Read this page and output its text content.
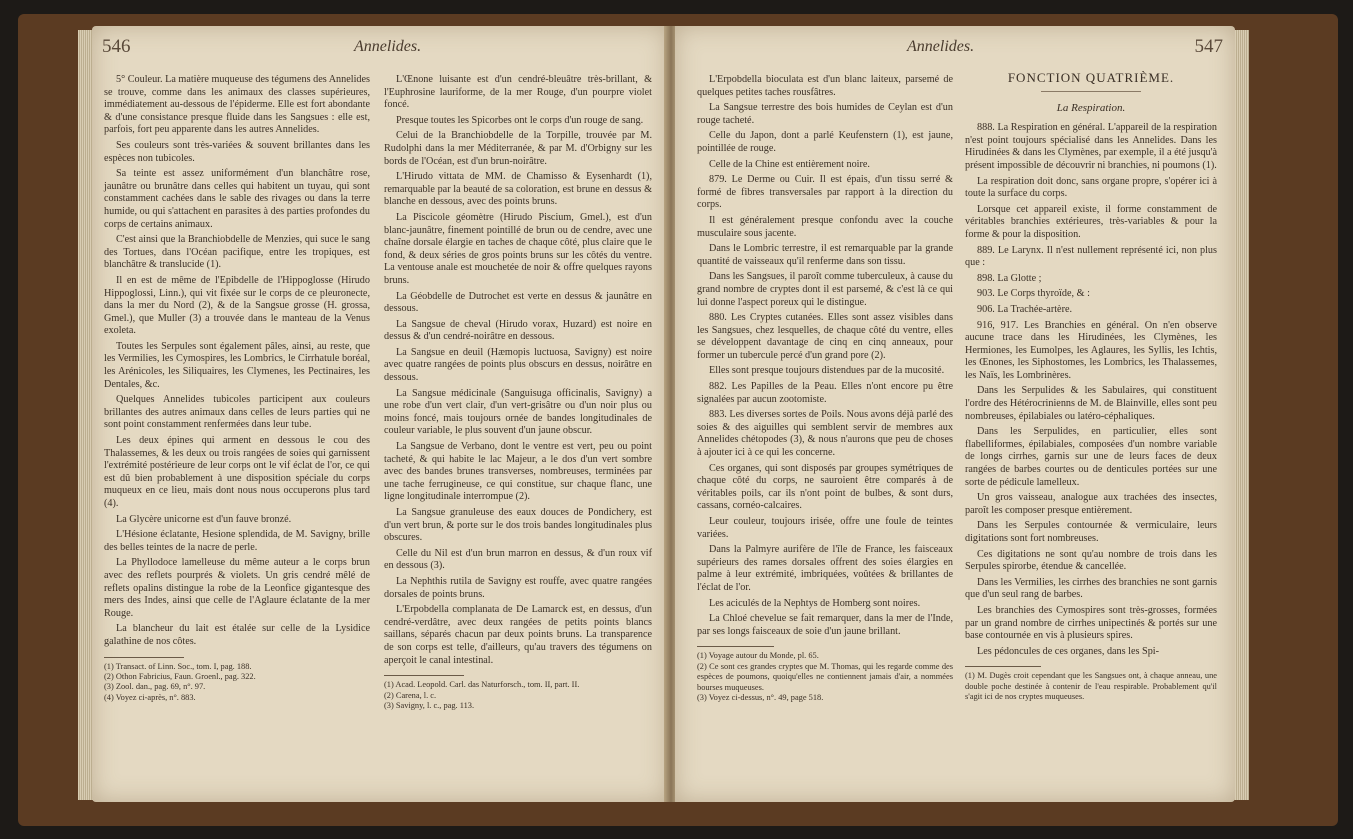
546	Annelides.

5° Couleur. La matière muqueuse des tégumens des Annelides se trouve, comme dans les animaux des classes supérieures, immédiatement au-dessous de l'épiderme. Elle est fort abondante & d'une consistance presque fluide dans les Sangsues : elle est, parfois, fort peu apparente dans les autres Annelides.

Ses couleurs sont très-variées & souvent brillantes dans les espèces non tubicoles.

Sa teinte est assez uniformément d'un blanchâtre rose, jaunâtre ou brunâtre dans celles qui habitent un tuyau, qui sont constamment cachées dans le sable des rivages ou dans la terre humide, ou qui s'attachent en parasites à des parties profondes du corps de certains animaux.

C'est ainsi que la Branchiobdelle de Menzies, qui suce le sang des Tortues, dans l'Océan pacifique, entre les tropiques, est blanchâtre & translucide (1).

Il en est de même de l'Epibdelle de l'Hippoglosse (Hirudo Hippoglossi, Linn.), qui vit fixée sur le corps de ce pleuronecte, dans la mer du Nord (2), & de la Sangsue grosse (H. grossa, Gmel.), que Muller (3) a trouvée dans le manteau de la Venus exoleta.

Toutes les Serpules sont également pâles, ainsi, au reste, que les Vermilies, les Cymospires, les Lombrics, le Cirrhatule boréal, les Arénicoles, les Siliquaires, les Clymenes, les Pectinaires, les Dentales, &c.

Quelques Annelides tubicoles participent aux couleurs brillantes des autres animaux dans celles de leurs parties qui ne sont point constamment renfermées dans leur tube.

Les deux épines qui arment en dessous le cou des Thalassemes, & les deux ou trois rangées de soies qui garnissent l'extrémité postérieure de leur corps ont le vif éclat de l'or, ce qui est dû bien probablement à une disposition spéciale du corps muqueux en ce lieu, mais dont nous nous occuperons plus tard (4).

La Glycère unicorne est d'un fauve bronzé.

L'Hésione éclatante, Hesione splendida, de M. Savigny, brille des belles teintes de la nacre de perle.

La Phyllodoce lamelleuse du même auteur a le corps brun avec des reflets pourprés & violets. Un gris cendré mêlé de reflets opalins distingue la robe de la Leonfice gigantesque des mers des Indes, ainsi que celle de l'Aglaure éclatante de la mer Rouge.

La blancheur du lait est étalée sur celle de la Lysidice galathine de nos côtes.

(1) Transact. of Linn. Soc., tom. I, pag. 188.
(2) Othon Fabricius, Faun. Groenl., pag. 322.
(3) Zool. dan., pag. 69, n°. 97.
(4) Voyez ci-après, n°. 883.

L'Œnone luisante est d'un cendré-bleuâtre très-brillant, & l'Euphrosine lauriforme, de la mer Rouge, d'un pourpre violet foncé.

Presque toutes les Spicorbes ont le corps d'un rouge de sang.

Celui de la Branchiobdelle de la Torpille, trouvée par M. Rudolphi dans la mer Méditerranée, & par M. d'Orbigny sur les bords de l'Océan, est d'un brun-noirâtre.

L'Hirudo vittata de MM. de Chamisso & Eysenhardt (1), remarquable par la beauté de sa coloration, est brune en dessus & blanche en dessous, avec des points bruns.

La Piscicole géomètre (Hirudo Piscium, Gmel.), est d'un blanc-jaunâtre, finement pointillé de brun ou de cendre, avec une chaîne dorsale élargie en taches de chaque côté, plus claire que le fond, & deux séries de gros points bruns sur les côtés du ventre. La ventouse anale est mouchetée de noir & offre quelques rayons bruns.

La Géobdelle de Dutrochet est verte en dessus & jaunâtre en dessous.

La Sangsue de cheval (Hirudo vorax, Huzard) est noire en dessus & d'un cendré-noirâtre en dessous.

La Sangsue en deuil (Hæmopis luctuosa, Savigny) est noire avec quatre rangées de points plus obscurs en dessus, noirâtre en dessous.

La Sangsue médicinale (Sanguisuga officinalis, Savigny) a une robe d'un vert clair, d'un vert-grisâtre ou d'un noir plus ou moins foncé, mais toujours ornée de bandes longitudinales de couleur variable, le plus souvent d'un jaune obscur.

La Sangsue de Verbano, dont le ventre est vert, peu ou point tacheté, & qui habite le lac Majeur, a le dos d'un vert sombre avec des bandes brunes transverses, nombreuses, terminées par une tache ferrugineuse, ce qui constitue, sur chaque flanc, une ligne longitudinale interrompue (2).

La Sangsue granuleuse des eaux douces de Pondichery, est d'un vert brun, & porte sur le dos trois bandes longitudinales plus obscures.

Celle du Nil est d'un brun marron en dessus, & d'un roux vif en dessous (3).

La Nephthis rutila de Savigny est rouffe, avec quatre rangées dorsales de points bruns.

L'Erpobdella complanata de De Lamarck est, en dessus, d'un cendré-verdâtre, avec deux rangées de petits points blancs saillans, séparés chacun par deux points bruns. La transparence de son corps est telle, d'ailleurs, qu'au travers des tégumens on aperçoit le canal intestinal.

(1) Acad. Leopold. Carl. das Naturforsch., tom. II, part. II.
(2) Carena, l. c.
(3) Savigny, l. c., pag. 113.
Annelides.	547

L'Erpobdella bioculata est d'un blanc laiteux, parsemé de quelques petites taches rousfâtres.

La Sangsue terrestre des bois humides de Ceylan est d'un rouge tacheté.

Celle du Japon, dont a parlé Keufenstern (1), est jaune, pointillée de rouge.

Celle de la Chine est entièrement noire.

879. Le Derme ou Cuir. Il est épais, d'un tissu serré & formé de fibres transversales par rapport à la direction du corps.

Il est généralement presque confondu avec la couche musculaire sous jacente.

Dans le Lombric terrestre, il est remarquable par la grande quantité de vaisseaux qu'il renferme dans son tissu.

Dans les Sangsues, il paroît comme tuberculeux, à cause du grand nombre de cryptes dont il est parsemé, & c'est là ce qui lui donne l'aspect poreux qui le distingue.

880. Les Cryptes cutanées. Elles sont assez visibles dans les Sangsues, chez lesquelles, de chaque côté du ventre, elles se développent davantage de cinq en cinq anneaux, pour former un tubercule percé d'un grand pore (2).

Elles sont presque toujours distendues par de la mucosité.

882. Les Papilles de la Peau. Elles n'ont encore pu être signalées par aucun zootomiste.

883. Les diverses sortes de Poils. Nous avons déjà parlé des soies & des aiguilles qui semblent servir de membres aux Annelides chétopodes (3), & nous n'aurons que peu de choses à ajouter ici à ce qui les concerne.

Ces organes, qui sont disposés par groupes symétriques de chaque côté du corps, ne sauroient être comparés à de véritables poils, car ils n'ont point de bulbes, & sont durs, cassans, cornéo-calcaires.

Leur couleur, toujours irisée, offre une foule de teintes variées.

Dans la Palmyre aurifère de l'île de France, les faisceaux supérieurs des rames dorsales offrent des soies élargies en palme à leur extrémité, imbriquées, voûtées & brillantes de l'éclat de l'or.

Les aciculés de la Nephtys de Homberg sont noires.

La Chloé chevelue se fait remarquer, dans la mer de l'Inde, par ses longs faisceaux de soie d'un jaune brillant.

(1) Voyage autour du Monde, pl. 65.
(2) Ce sont ces grandes cryptes que M. Thomas, qui les regarde comme des espèces de poumons, quoiqu'elles ne contiennent jamais d'air, a nommées bourses muqueuses.
(3) Voyez ci-dessus, n°. 49, page 518.
FONCTION QUATRIÈME.
La Respiration.

888. La Respiration en général. L'appareil de la respiration n'est point toujours spécialisé dans les Annelides. Dans les Hirudinées & dans les Clymènes, par exemple, il a été jusqu'à présent impossible de découvrir ni branchies, ni poumons (1).

La respiration doit donc, sans organe propre, s'opérer ici à toute la surface du corps.

Lorsque cet appareil existe, il forme constamment de véritables branchies extérieures, très-variables & pour la forme & pour la disposition.

889. Le Larynx. Il n'est nullement représenté ici, non plus que :

898. La Glotte ;

903. Le Corps thyroïde, & :

906. La Trachée-artère.

916, 917. Les Branchies en général. On n'en observe aucune trace dans les Hirudinées, les Clymènes, les Hermiones, les Eumolpes, les Aglaures, les Syllis, les Ichtis, les Œnones, les Siphostomes, les Lombrics, les Thalassemes, les Naïs, les Lombrinères.

Dans les Serpulides & les Sabulaires, qui constituent l'ordre des Hétérocrinienns de M. de Blainville, elles sont peu nombreuses, épilabiales ou latéro-céphaliques.

Dans les Serpulides, en particulier, elles sont flabelliformes, épilabiales, composées d'un nombre variable de longs cirrhes, garnis sur une de leurs faces de deux rangées de barbes courtes ou de denticules portées sur une sorte de pédicule lamelleux.

Un gros vaisseau, analogue aux trachées des insectes, paroît les composer presque entièrement.

Dans les Serpules contournée & vermiculaire, leurs digitations sont fort nombreuses.

Ces digitations ne sont qu'au nombre de trois dans les Serpules spirorbe, étendue & cancellée.

Dans les Vermilies, les cirrhes des branchies ne sont garnis que d'un seul rang de barbes.

Les branchies des Cymospires sont très-grosses, formées par un grand nombre de cirrhes unipectinés & portés sur une base contournée en vis à plusieurs spires.

Les pédoncules de ces organes, dans les Spi-

(1) M. Dugès croit cependant que les Sangsues ont, à chaque anneau, une double poche destinée à contenir de l'eau respirable. Probablement qu'il s'agit ici de nos cryptes muqueuses.
